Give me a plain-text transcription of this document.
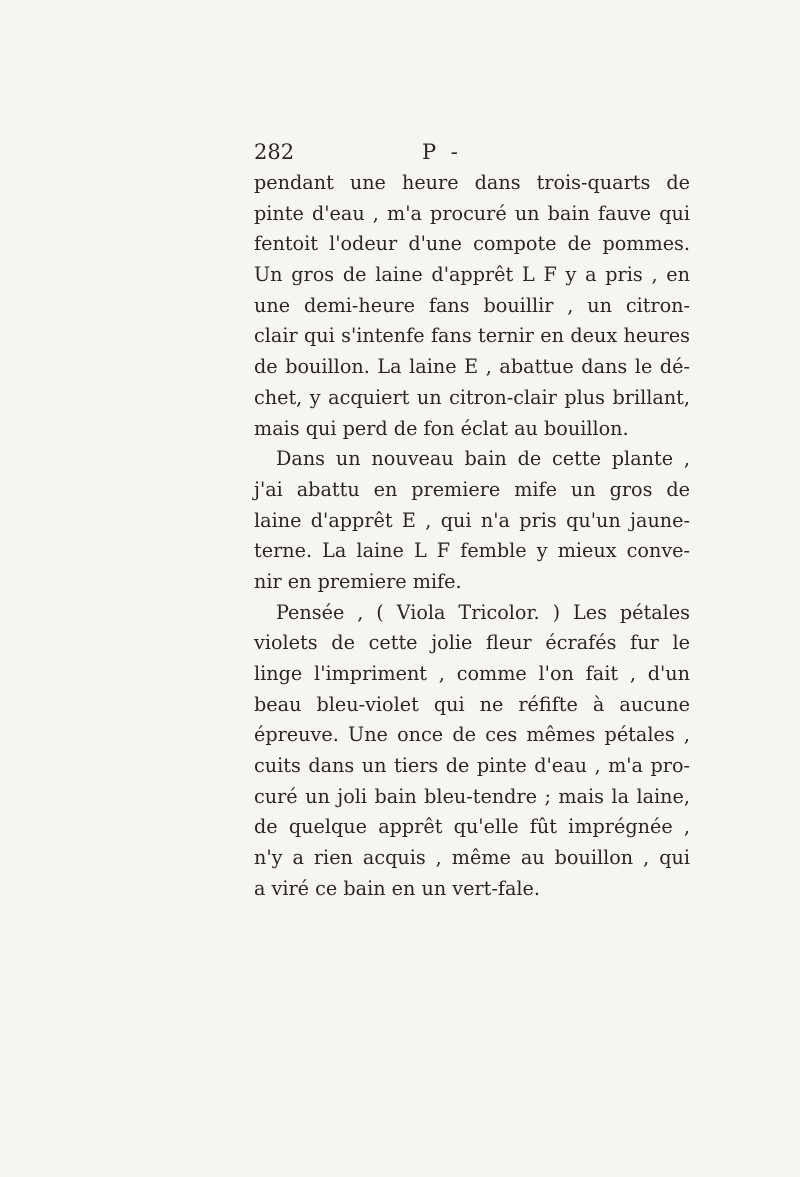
282	P -
pendant une heure dans trois-quarts de
pinte d'eau , m'a procuré un bain fauve qui
fentoit l'odeur d'une compote de pommes.
Un gros de laine d'apprêt L F y a pris , en
une demi-heure fans bouillir , un citron-
clair qui s'intenfe fans ternir en deux heures
de bouillon. La laine E , abattue dans le dé-
chet, y acquiert un citron-clair plus brillant,
mais qui perd de fon éclat au bouillon.
Dans un nouveau bain de cette plante ,
j'ai abattu en premiere mife un gros de
laine d'apprêt E , qui n'a pris qu'un jaune-
terne. La laine L F femble y mieux conve-
nir en premiere mife.
Pensée , ( Viola Tricolor. ) Les pétales
violets de cette jolie fleur écrafés fur le
linge l'impriment , comme l'on fait , d'un
beau bleu-violet qui ne réfifte à aucune
épreuve. Une once de ces mêmes pétales ,
cuits dans un tiers de pinte d'eau , m'a pro-
curé un joli bain bleu-tendre ; mais la laine,
de quelque apprêt qu'elle fût imprégnée ,
n'y a rien acquis , même au bouillon , qui
a viré ce bain en un vert-fale.
